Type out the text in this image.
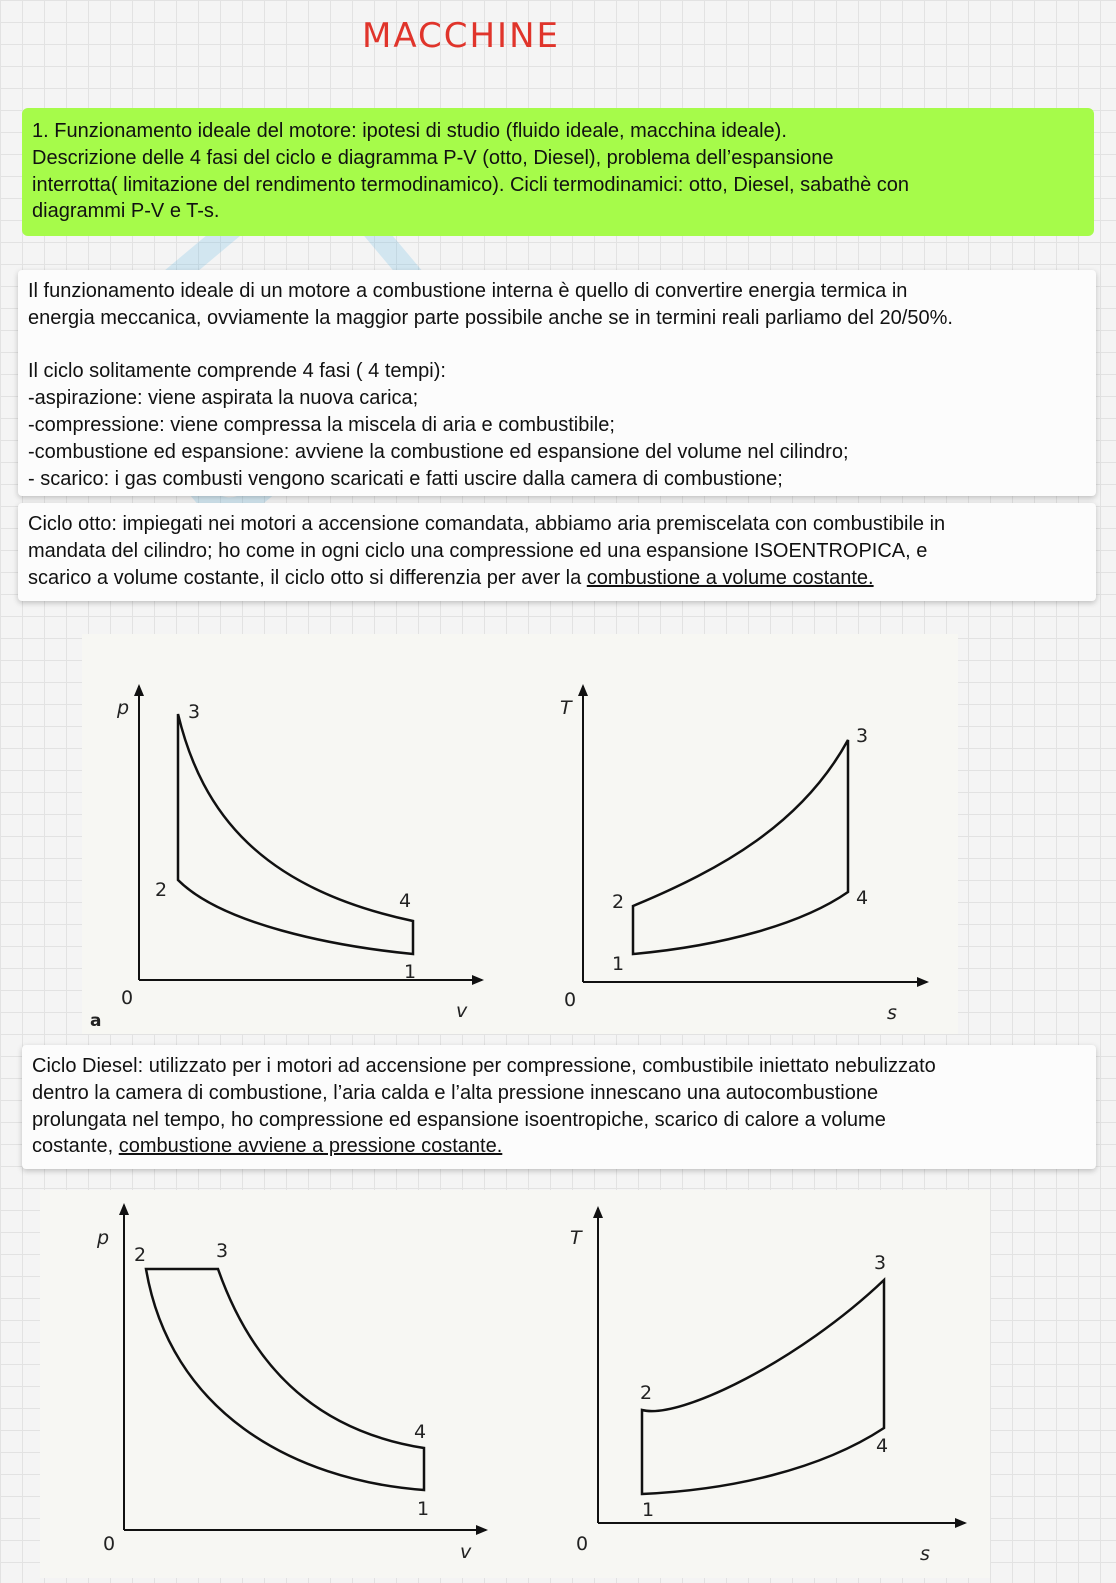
MACCHINE
1. Funzionamento ideale del motore: ipotesi di studio (fluido ideale, macchina ideale).
Descrizione delle 4 fasi del ciclo e diagramma P-V (otto, Diesel), problema dell’espansione
interrotta( limitazione del rendimento termodinamico). Cicli termodinamici: otto, Diesel, sabathè con
diagrammi P-V e T-s.
Il funzionamento ideale di un motore a combustione interna è quello di convertire energia termica in
energia meccanica, ovviamente la maggior parte possibile anche se in termini reali parliamo del 20/50%.

Il ciclo solitamente comprende 4 fasi ( 4 tempi):
-aspirazione: viene aspirata la nuova carica;
-compressione: viene compressa la miscela di aria e combustibile;
-combustione ed espansione: avviene la combustione ed espansione del volume nel cilindro;
- scarico: i gas combusti vengono scaricati e fatti uscire dalla camera di combustione;
Ciclo otto: impiegati nei motori a accensione comandata, abbiamo aria premiscelata con combustibile in
mandata del cilindro; ho come in ogni ciclo una compressione ed una espansione ISOENTROPICA, e
scarico a volume costante, il ciclo otto si differenzia per aver la combustione a volume costante.
p
v
0
1
2
3
4
a
T
s
0
1
2
3
4
Ciclo Diesel: utilizzato per i motori ad accensione per compressione, combustibile iniettato nebulizzato
dentro la camera di combustione, l’aria calda e l’alta pressione innescano una autocombustione
prolungata nel tempo, ho compressione ed espansione isoentropiche, scarico di calore a volume
costante, combustione avviene a pressione costante.
p
v
0
1
2	3
4
T
s
0
1
2
3
4
